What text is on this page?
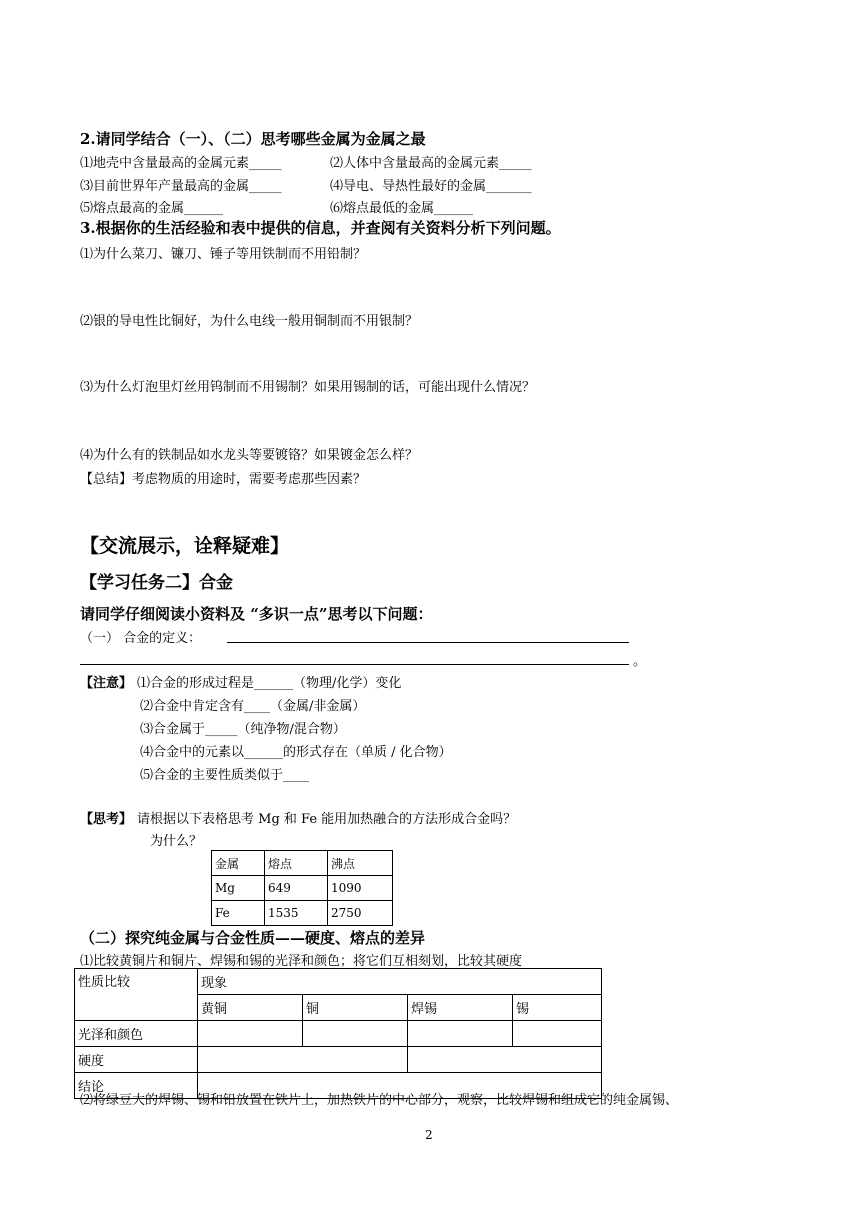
2.请同学结合（一）、（二）思考哪些金属为金属之最
⑴地壳中含量最高的金属元素_____	⑵人体中含量最高的金属元素_____
⑶目前世界年产量最高的金属_____	⑷导电、导热性最好的金属_______
⑸熔点最高的金属______	⑹熔点最低的金属______
3.根据你的生活经验和表中提供的信息，并查阅有关资料分析下列问题。
⑴为什么菜刀、镰刀、锤子等用铁制而不用铅制？
⑵银的导电性比铜好，为什么电线一般用铜制而不用银制？
⑶为什么灯泡里灯丝用钨制而不用锡制？如果用锡制的话，可能出现什么情况？
⑷为什么有的铁制品如水龙头等要镀铬？如果镀金怎么样？
【总结】考虑物质的用途时，需要考虑那些因素？
【交流展示，诠释疑难】
【学习任务二】合金
请同学仔细阅读小资料及 “多识一点”思考以下问题：
（一） 合金的定义：
。
【注意】 ⑴合金的形成过程是______（物理/化学）变化
⑵合金中肯定含有____（金属/非金属）
⑶合金属于_____（纯净物/混合物）
⑷合金中的元素以______的形式存在（单质 / 化合物）
⑸合金的主要性质类似于____
【思考】 请根据以下表格思考 Mg 和 Fe 能用加热融合的方法形成合金吗？
为什么？
金属	熔点	沸点
Mg	649	1090
Fe	1535	2750
（二）探究纯金属与合金性质——硬度、熔点的差异
⑴比较黄铜片和铜片、焊锡和锡的光泽和颜色；将它们互相刻划，比较其硬度
性质比较	现象			
	黄铜	铜	焊锡	锡
光泽和颜色				
硬度				
结论				
⑵将绿豆大的焊锡、锡和铅放置在铁片上，加热铁片的中心部分，观察，比较焊锡和组成它的纯金属锡、
2
